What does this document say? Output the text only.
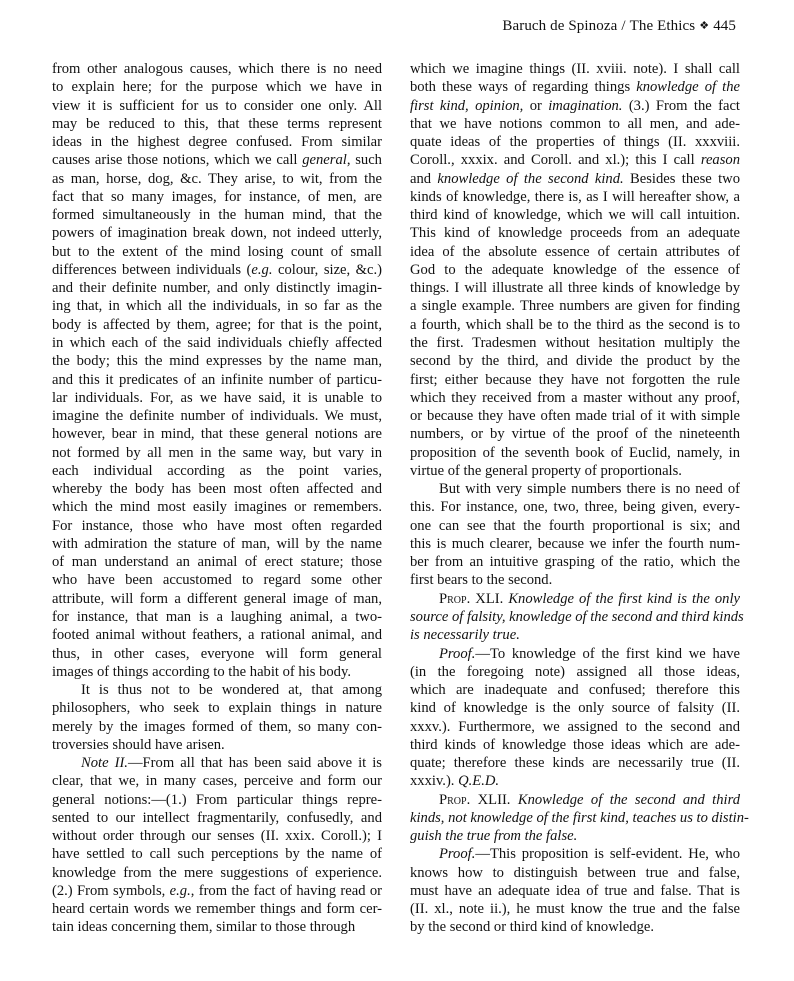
Baruch de Spinoza / The Ethics ❖ 445
from other analogous causes, which there is no need
to explain here; for the purpose which we have in
view it is sufficient for us to consider one only. All
may be reduced to this, that these terms represent
ideas in the highest degree confused. From similar
causes arise those notions, which we call general, such
as man, horse, dog, &c. They arise, to wit, from the
fact that so many images, for instance, of men, are
formed simultaneously in the human mind, that the
powers of imagination break down, not indeed utterly,
but to the extent of the mind losing count of small
differences between individuals (e.g. colour, size, &c.)
and their definite number, and only distinctly imagin-
ing that, in which all the individuals, in so far as the
body is affected by them, agree; for that is the point,
in which each of the said individuals chiefly affected
the body; this the mind expresses by the name man,
and this it predicates of an infinite number of particu-
lar individuals. For, as we have said, it is unable to
imagine the definite number of individuals. We must,
however, bear in mind, that these general notions are
not formed by all men in the same way, but vary in
each individual according as the point varies,
whereby the body has been most often affected and
which the mind most easily imagines or remembers.
For instance, those who have most often regarded
with admiration the stature of man, will by the name
of man understand an animal of erect stature; those
who have been accustomed to regard some other
attribute, will form a different general image of man,
for instance, that man is a laughing animal, a two-
footed animal without feathers, a rational animal, and
thus, in other cases, everyone will form general
images of things according to the habit of his body.
It is thus not to be wondered at, that among
philosophers, who seek to explain things in nature
merely by the images formed of them, so many con-
troversies should have arisen.
Note II.—From all that has been said above it is
clear, that we, in many cases, perceive and form our
general notions:—(1.) From particular things repre-
sented to our intellect fragmentarily, confusedly, and
without order through our senses (II. xxix. Coroll.); I
have settled to call such perceptions by the name of
knowledge from the mere suggestions of experience.
(2.) From symbols, e.g., from the fact of having read or
heard certain words we remember things and form cer-
tain ideas concerning them, similar to those through
which we imagine things (II. xviii. note). I shall call
both these ways of regarding things knowledge of the
first kind, opinion, or imagination. (3.) From the fact
that we have notions common to all men, and ade-
quate ideas of the properties of things (II. xxxviii.
Coroll., xxxix. and Coroll. and xl.); this I call reason
and knowledge of the second kind. Besides these two
kinds of knowledge, there is, as I will hereafter show, a
third kind of knowledge, which we will call intuition.
This kind of knowledge proceeds from an adequate
idea of the absolute essence of certain attributes of
God to the adequate knowledge of the essence of
things. I will illustrate all three kinds of knowledge by
a single example. Three numbers are given for finding
a fourth, which shall be to the third as the second is to
the first. Tradesmen without hesitation multiply the
second by the third, and divide the product by the
first; either because they have not forgotten the rule
which they received from a master without any proof,
or because they have often made trial of it with simple
numbers, or by virtue of the proof of the nineteenth
proposition of the seventh book of Euclid, namely, in
virtue of the general property of proportionals.
But with very simple numbers there is no need of
this. For instance, one, two, three, being given, every-
one can see that the fourth proportional is six; and
this is much clearer, because we infer the fourth num-
ber from an intuitive grasping of the ratio, which the
first bears to the second.
Prop. XLI. Knowledge of the first kind is the only
source of falsity, knowledge of the second and third kinds
is necessarily true.
Proof.—To knowledge of the first kind we have
(in the foregoing note) assigned all those ideas,
which are inadequate and confused; therefore this
kind of knowledge is the only source of falsity (II.
xxxv.). Furthermore, we assigned to the second and
third kinds of knowledge those ideas which are ade-
quate; therefore these kinds are necessarily true (II.
xxxiv.). Q.E.D.
Prop. XLII. Knowledge of the second and third
kinds, not knowledge of the first kind, teaches us to distin-
guish the true from the false.
Proof.—This proposition is self-evident. He, who
knows how to distinguish between true and false,
must have an adequate idea of true and false. That is
(II. xl., note ii.), he must know the true and the false
by the second or third kind of knowledge.
